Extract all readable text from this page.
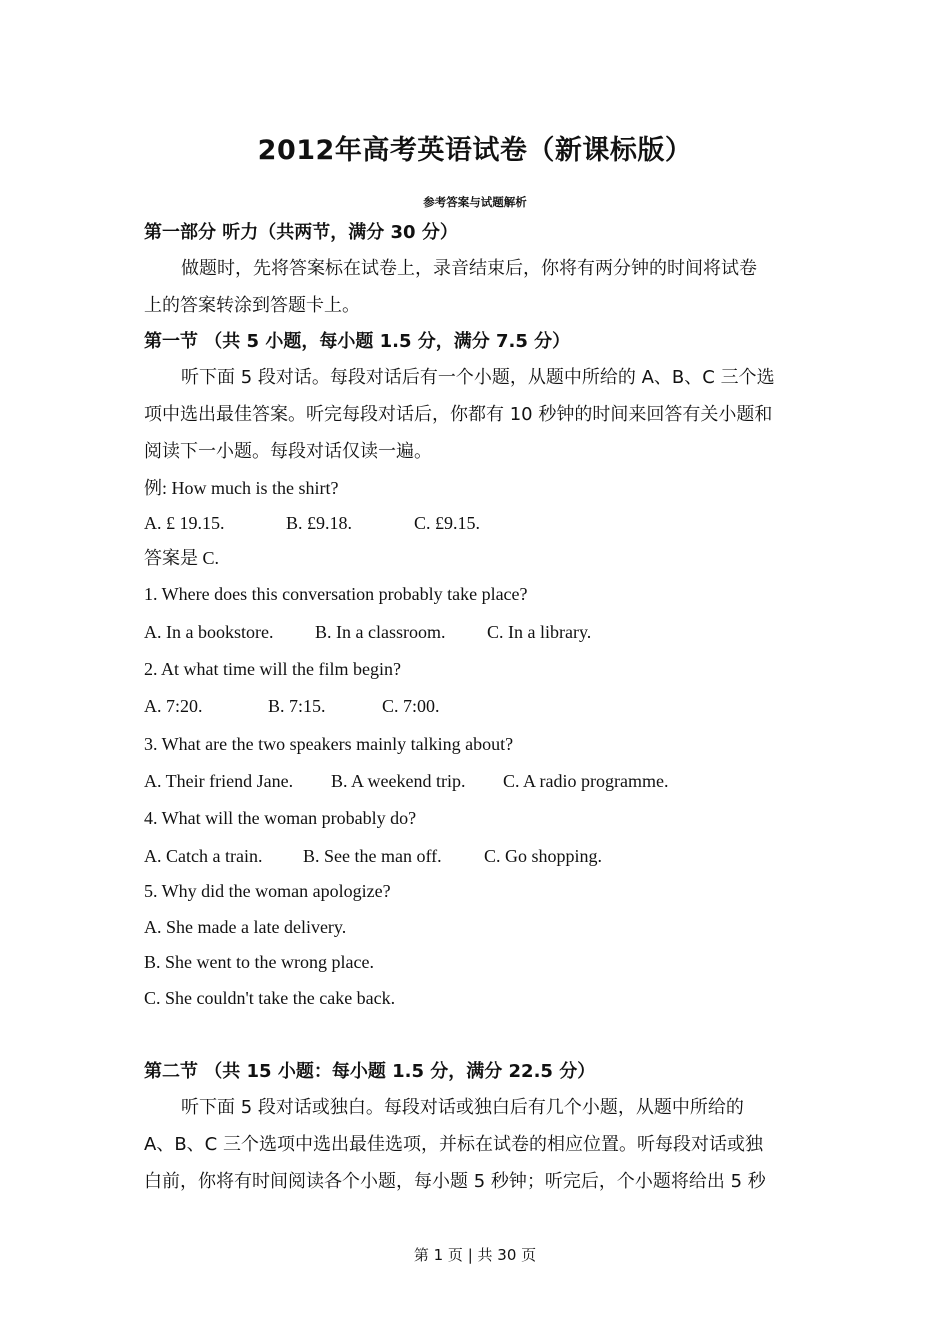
2012年高考英语试卷（新课标版）
参考答案与试题解析
第一部分 听力（共两节，满分 30 分）
做题时，先将答案标在试卷上，录音结束后，你将有两分钟的时间将试卷
上的答案转涂到答题卡上。
第一节 （共 5 小题，每小题 1.5 分，满分 7.5 分）
听下面 5 段对话。每段对话后有一个小题，从题中所给的 A、B、C 三个选
项中选出最佳答案。听完每段对话后，你都有 10 秒钟的时间来回答有关小题和
阅读下一小题。每段对话仅读一遍。
例: How much is the shirt?
A. £ 19.15.	B. £9.18.	C. £9.15.
答案是 C.
1. Where does this conversation probably take place?
A. In a bookstore. B. In a classroom. C. In a library.
2. At what time will the film begin?
A. 7:20.	B. 7:15.	C. 7:00.
3. What are the two speakers mainly talking about?
A. Their friend Jane. B. A weekend trip. C. A radio programme.
4. What will the woman probably do?
A. Catch a train. B. See the man off. C. Go shopping.
5. Why did the woman apologize?
A. She made a late delivery.
B. She went to the wrong place.
C. She couldn't take the cake back.
第二节 （共 15 小题：每小题 1.5 分，满分 22.5 分）
听下面 5 段对话或独白。每段对话或独白后有几个小题，从题中所给的
A、B、C 三个选项中选出最佳选项，并标在试卷的相应位置。听每段对话或独
白前，你将有时间阅读各个小题，每小题 5 秒钟；听完后，个小题将给出 5 秒
第 1 页 | 共 30 页
